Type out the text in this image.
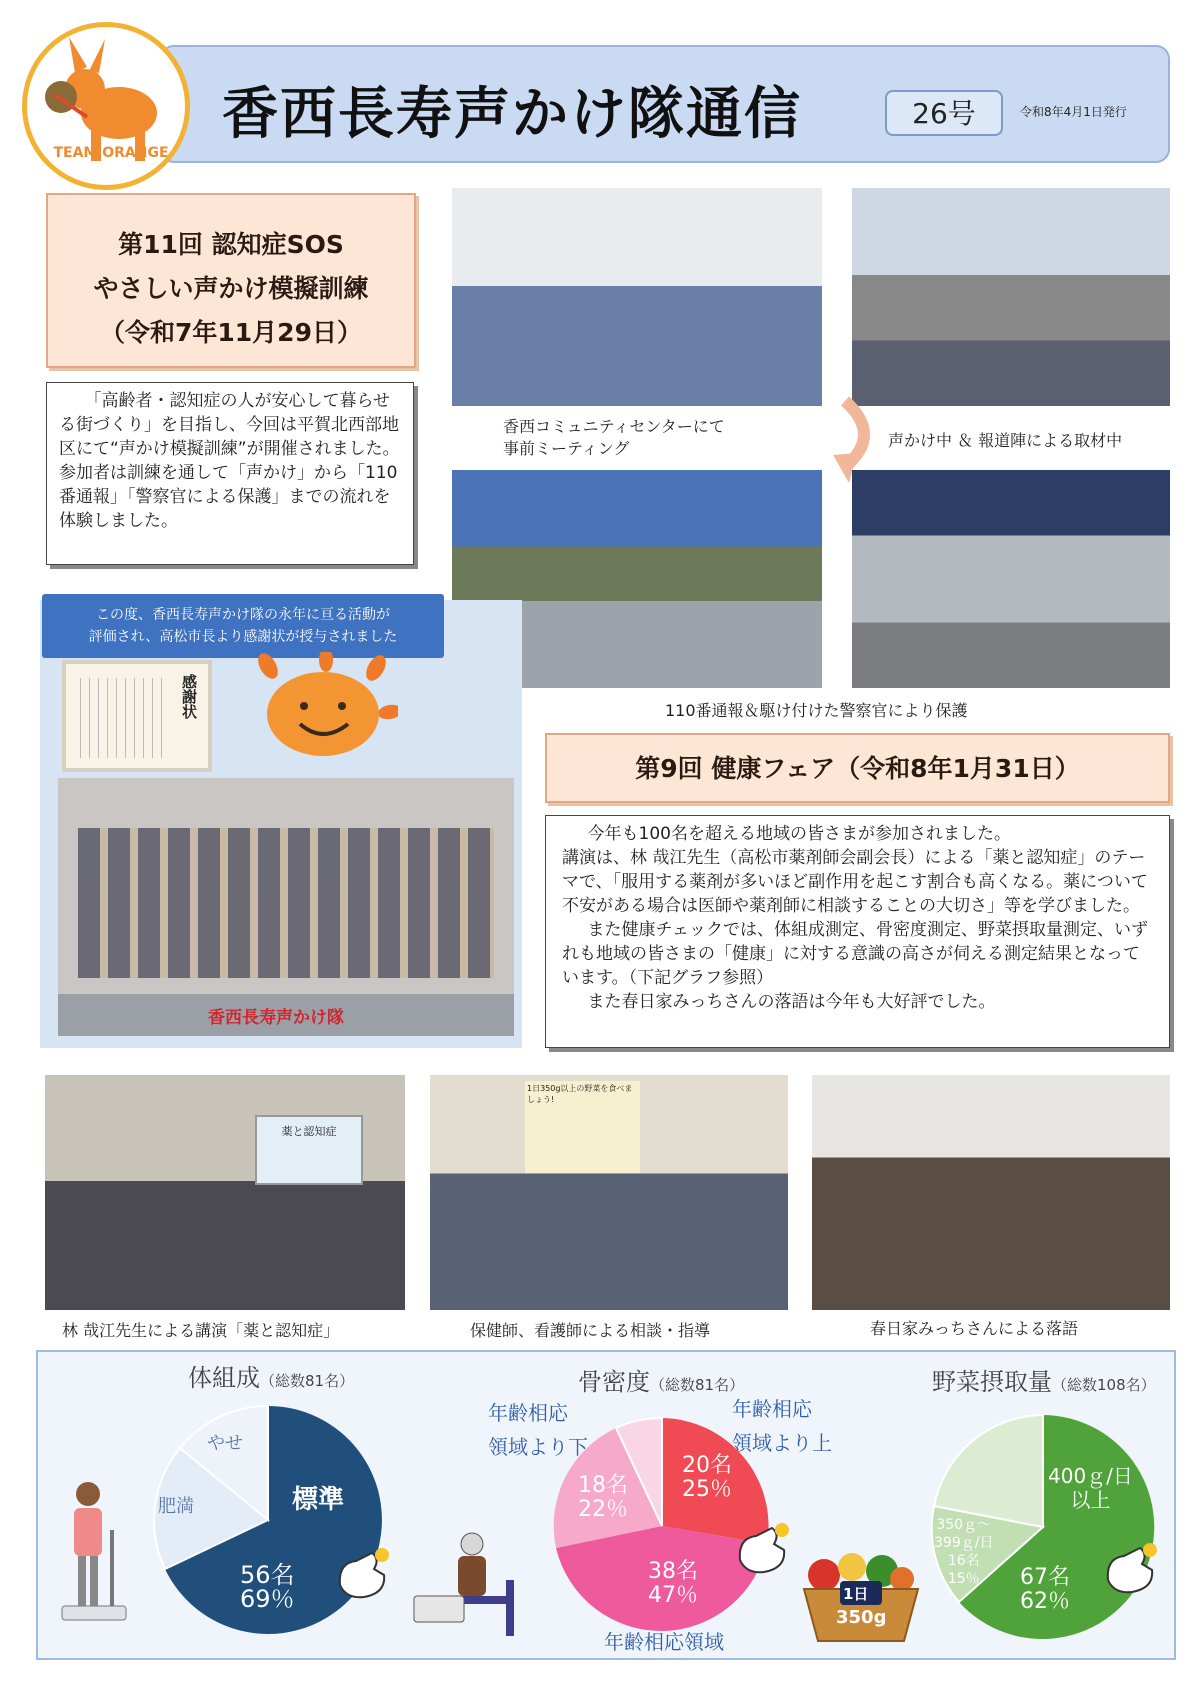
TEAM ORANGE
香西長寿声かけ隊通信	26号	令和8年4月1日発行
第11回 認知症SOS
やさしい声かけ模擬訓練
（令和7年11月29日）
「高齢者・認知症の人が安心して暮らせる街づくり」を目指し、今回は平賀北西部地区にて“声かけ模擬訓練”が開催されました。参加者は訓練を通して「声かけ」から「110番通報」「警察官による保護」までの流れを体験しました。
香西コミュニティセンターにて
事前ミーティング	声かけ中 ＆ 報道陣による取材中
110番通報＆駆け付けた警察官により保護
この度、香西長寿声かけ隊の永年に亘る活動が
評価され、高松市長より感謝状が授与されました
感謝状
香西長寿声かけ隊
第9回 健康フェア（令和8年1月31日）

今年も100名を超える地域の皆さまが参加されました。

講演は、林 哉江先生（高松市薬剤師会副会長）による「薬と認知症」のテーマで、「服用する薬剤が多いほど副作用を起こす割合も高くなる。薬について不安がある場合は医師や薬剤師に相談することの大切さ」等を学びました。

また健康チェックでは、体組成測定、骨密度測定、野菜摂取量測定、いずれも地域の皆さまの「健康」に対する意識の高さが伺える測定結果となっています。（下記グラフ参照）

また春日家みっちさんの落語は今年も大好評でした。

薬と認知症
1日350g以上の野菜を食べましょう!
林 哉江先生による講演「薬と認知症」	保健師、看護師による相談・指導	春日家みっちさんによる落語
体組成（総数81名）
やせ
肥満	標準
56名
69％
骨密度（総数81名）
年齢相応
領域より下
年齢相応
領域より上
18名
22％
20名
25％
38名
47％
年齢相応領域
野菜摂取量（総数108名）
400ｇ/日
以上
67名
62％
350ｇ～
399ｇ/日
16名
15％
1日
350g
